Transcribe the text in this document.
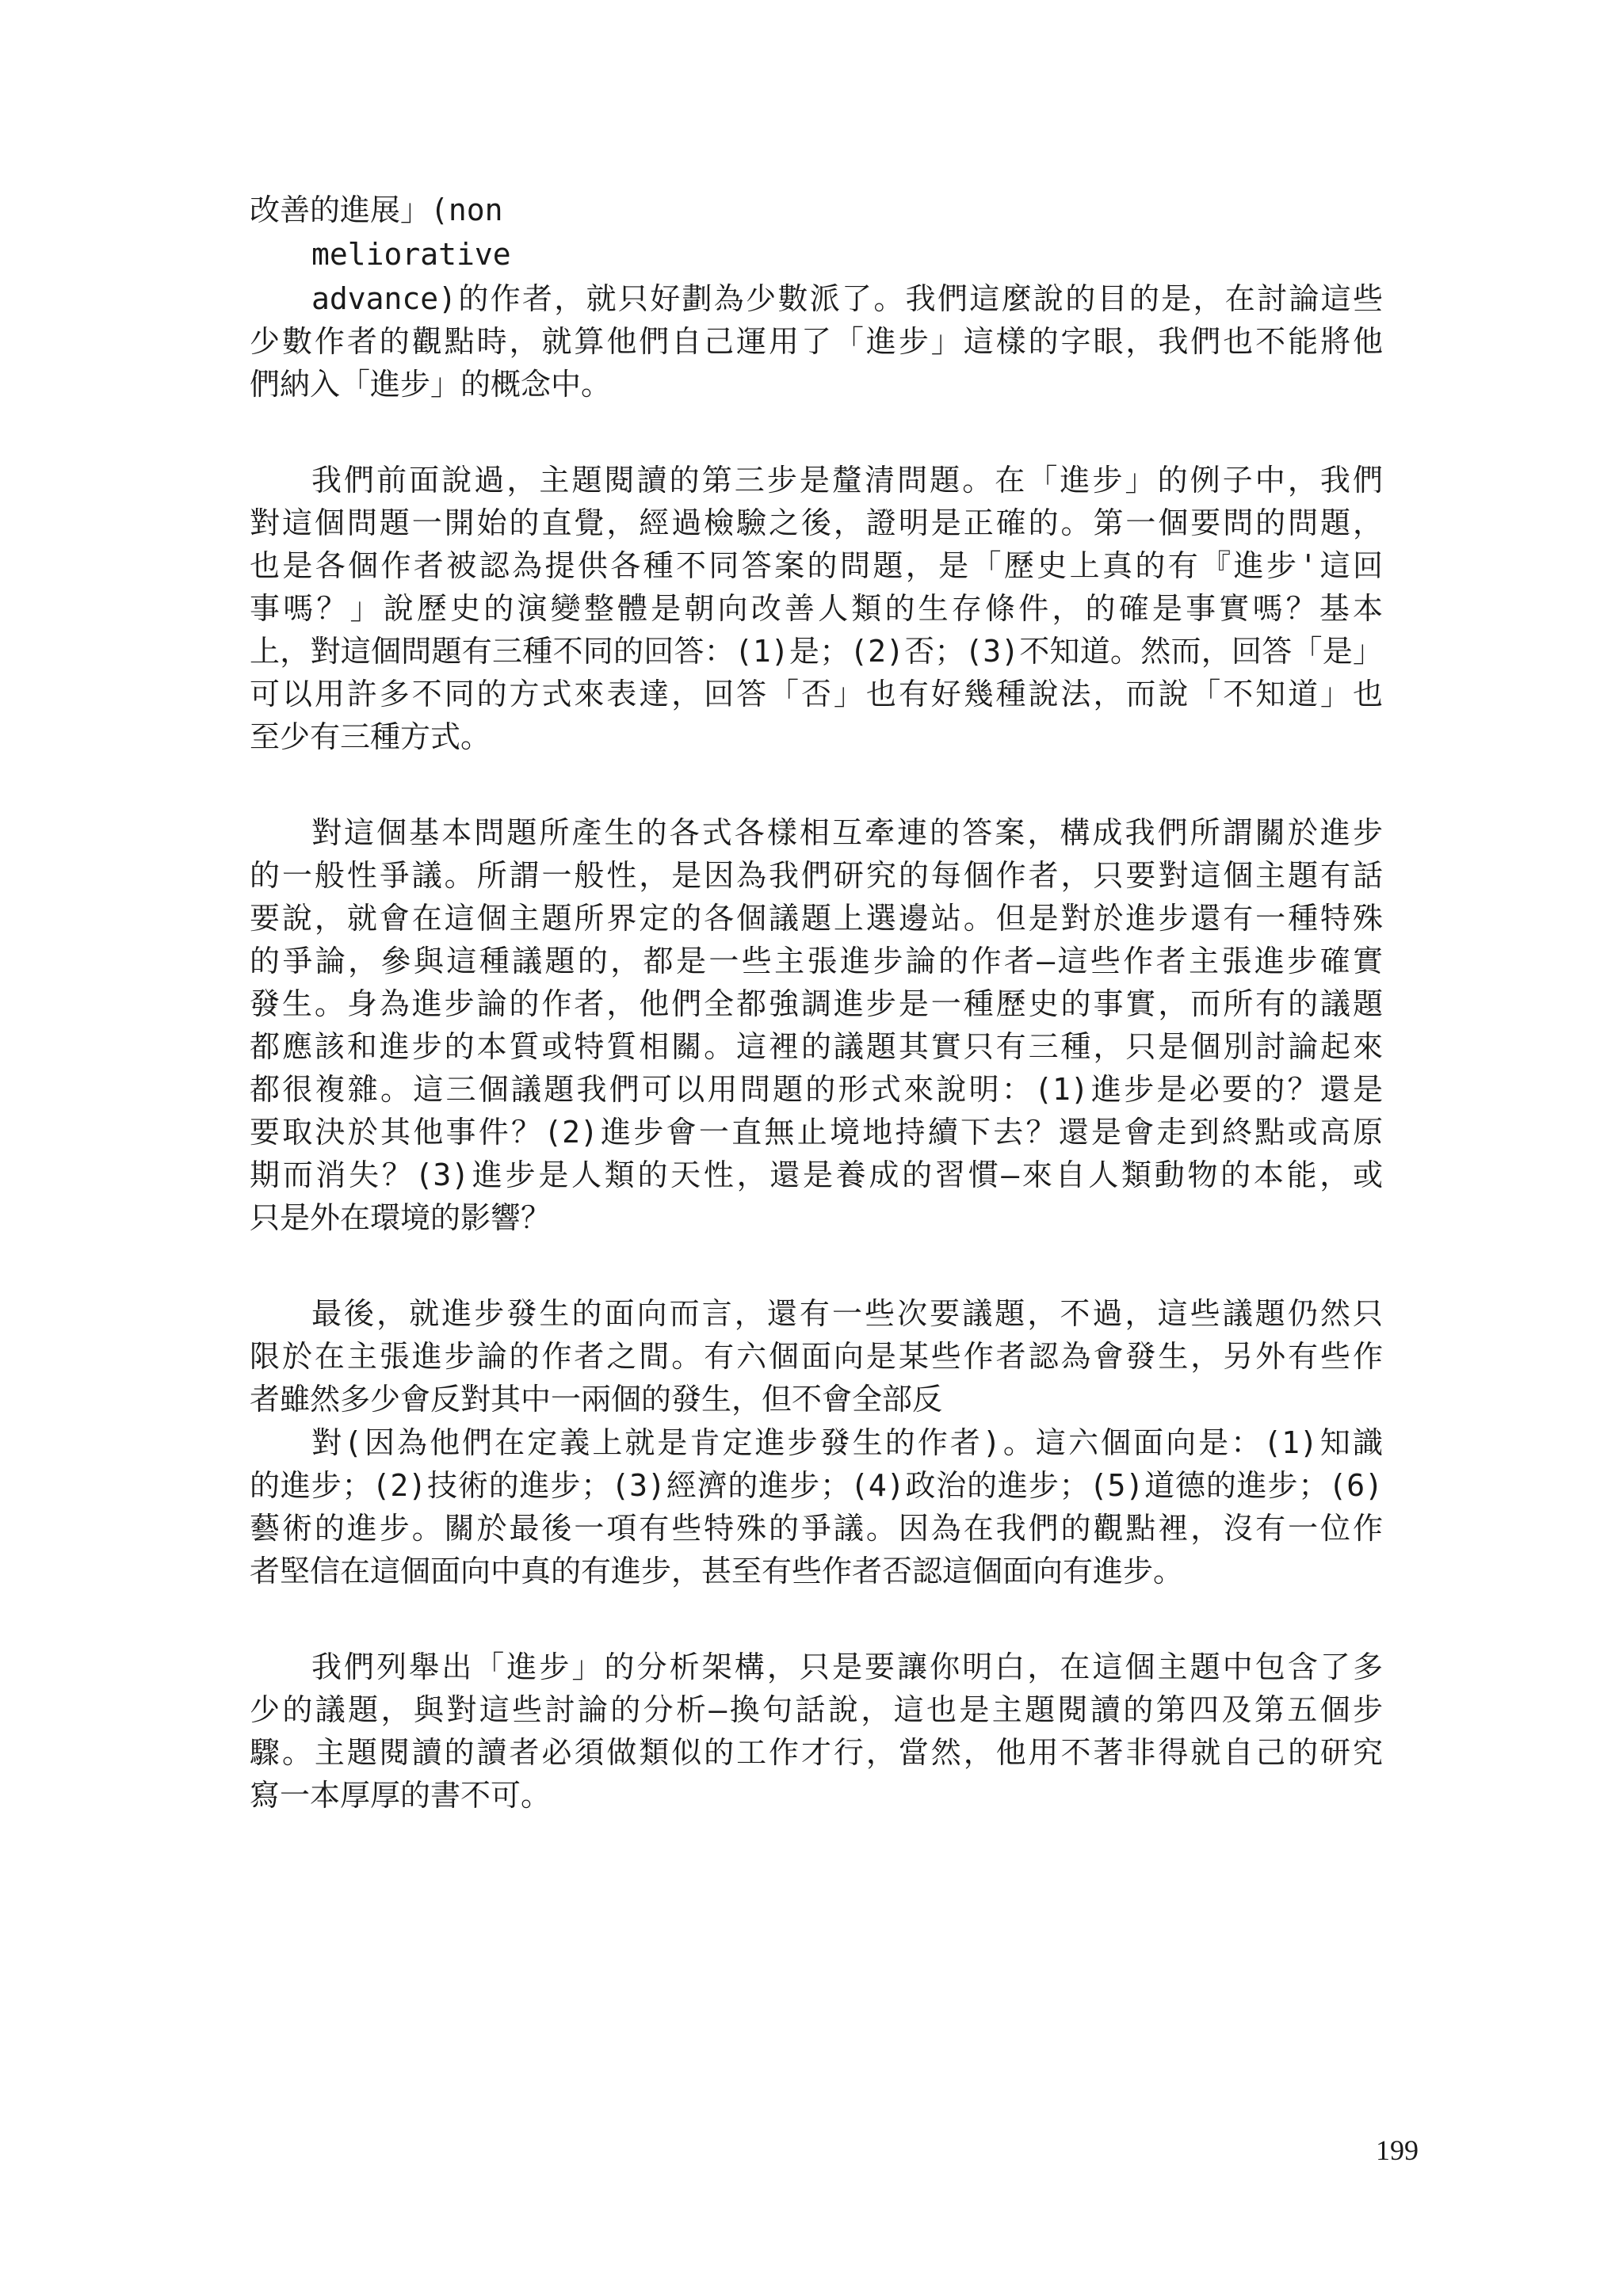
改善的進展」(non
meliorative
advance)的作者，就只好劃為少數派了。我們這麼說的目的是，在討論這些
少數作者的觀點時，就算他們自己運用了「進步」這樣的字眼，我們也不能將他
們納入「進步」的概念中。
我們前面說過，主題閱讀的第三步是釐清問題。在「進步」的例子中，我們
對這個問題一開始的直覺，經過檢驗之後，證明是正確的。第一個要問的問題，
也是各個作者被認為提供各種不同答案的問題，是「歷史上真的有『進步'這回
事嗎？」說歷史的演變整體是朝向改善人類的生存條件，的確是事實嗎？基本
上，對這個問題有三種不同的回答：(1)是；(2)否；(3)不知道。然而，回答「是」
可以用許多不同的方式來表達，回答「否」也有好幾種說法，而說「不知道」也
至少有三種方式。
對這個基本問題所產生的各式各樣相互牽連的答案，構成我們所謂關於進步
的一般性爭議。所謂一般性，是因為我們研究的每個作者，只要對這個主題有話
要說，就會在這個主題所界定的各個議題上選邊站。但是對於進步還有一種特殊
的爭論，參與這種議題的，都是一些主張進步論的作者—這些作者主張進步確實
發生。身為進步論的作者，他們全都強調進步是一種歷史的事實，而所有的議題
都應該和進步的本質或特質相關。這裡的議題其實只有三種，只是個別討論起來
都很複雜。這三個議題我們可以用問題的形式來說明：(1)進步是必要的？還是
要取決於其他事件？(2)進步會一直無止境地持續下去？還是會走到終點或高原
期而消失？(3)進步是人類的天性，還是養成的習慣—來自人類動物的本能，或
只是外在環境的影響？
最後，就進步發生的面向而言，還有一些次要議題，不過，這些議題仍然只
限於在主張進步論的作者之間。有六個面向是某些作者認為會發生，另外有些作
者雖然多少會反對其中一兩個的發生，但不會全部反
對(因為他們在定義上就是肯定進步發生的作者)。這六個面向是：(1)知識
的進步；(2)技術的進步；(3)經濟的進步；(4)政治的進步；(5)道德的進步；(6)
藝術的進步。關於最後一項有些特殊的爭議。因為在我們的觀點裡，沒有一位作
者堅信在這個面向中真的有進步，甚至有些作者否認這個面向有進步。
我們列舉出「進步」的分析架構，只是要讓你明白，在這個主題中包含了多
少的議題，與對這些討論的分析—換句話說，這也是主題閱讀的第四及第五個步
驟。主題閱讀的讀者必須做類似的工作才行，當然，他用不著非得就自己的研究
寫一本厚厚的書不可。
199
